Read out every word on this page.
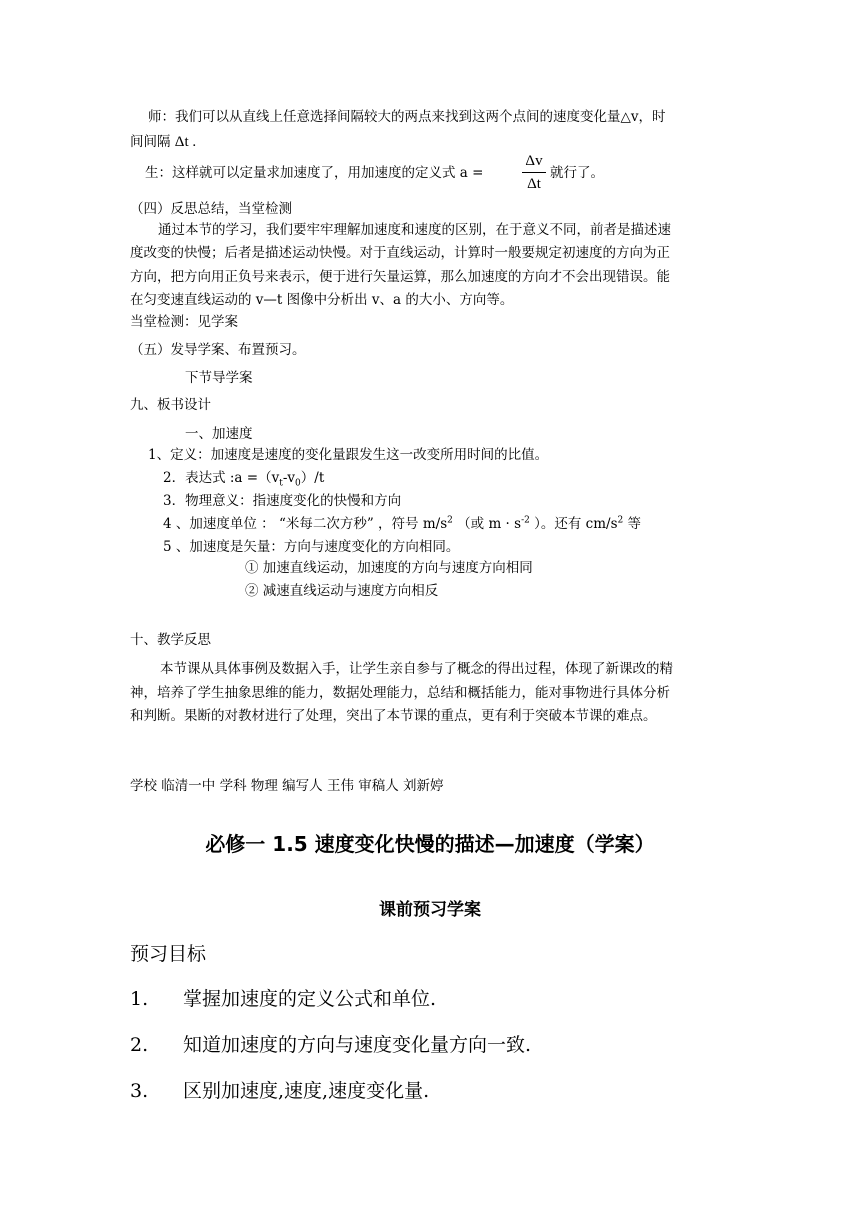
师：我们可以从直线上任意选择间隔较大的两点来找到这两个点间的速度变化量△v，时
间间隔 Δt .
生：这样就可以定量求加速度了，用加速度的定义式 a =
Δv
Δt
就行了。
（四）反思总结，当堂检测
通过本节的学习，我们要牢牢理解加速度和速度的区别，在于意义不同，前者是描述速
度改变的快慢；后者是描述运动快慢。对于直线运动，计算时一般要规定初速度的方向为正
方向，把方向用正负号来表示，便于进行矢量运算，那么加速度的方向才不会出现错误。能
在匀变速直线运动的 v—t 图像中分析出 v、a 的大小、方向等。
当堂检测：见学案
（五）发导学案、布置预习。
下节导学案
九、板书设计
一、加速度
1、定义：加速度是速度的变化量跟发生这一改变所用时间的比值。
2．表达式 :a $=(v_t-v_0)/t$
3．物理意义：指速度变化的快慢和方向
4 、加速度单位 ： “米每二次方秒” ，符号 $m/s^2$ （或 $m \cdot s^{-2}$ ）。还有 $cm/s^2$ 等
5 、加速度是矢量：方向与速度变化的方向相同。
① 加速直线运动，加速度的方向与速度方向相同
② 减速直线运动与速度方向相反
十、教学反思
本节课从具体事例及数据入手，让学生亲自参与了概念的得出过程，体现了新课改的精
神，培养了学生抽象思维的能力，数据处理能力，总结和概括能力，能对事物进行具体分析
和判断。果断的对教材进行了处理，突出了本节课的重点，更有利于突破本节课的难点。
学校 临清一中 学科 物理 编写人 王伟 审稿人 刘新婷
必修一 1.5 速度变化快慢的描述—加速度（学案）
课前预习学案
预习目标
1. 掌握加速度的定义公式和单位.
2. 知道加速度的方向与速度变化量方向一致.
3. 区别加速度,速度,速度变化量.
